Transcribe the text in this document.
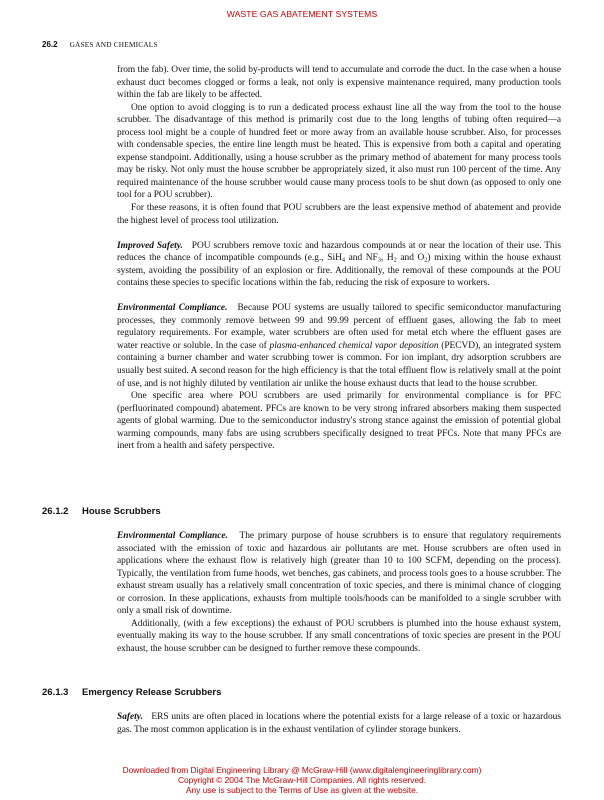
WASTE GAS ABATEMENT SYSTEMS
26.2 GASES AND CHEMICALS

from the fab). Over time, the solid by-products will tend to accumulate and corrode the duct. In the case when a house exhaust duct becomes clogged or forms a leak, not only is expensive maintenance required, many production tools within the fab are likely to be affected.

One option to avoid clogging is to run a dedicated process exhaust line all the way from the tool to the house scrubber. The disadvantage of this method is primarily cost due to the long lengths of tubing often required—a process tool might be a couple of hundred feet or more away from an available house scrubber. Also, for processes with condensable species, the entire line length must be heated. This is expensive from both a capital and operating expense standpoint. Additionally, using a house scrubber as the primary method of abatement for many process tools may be risky. Not only must the house scrubber be appropriately sized, it also must run 100 percent of the time. Any required maintenance of the house scrubber would cause many process tools to be shut down (as opposed to only one tool for a POU scrubber).

For these reasons, it is often found that POU scrubbers are the least expensive method of abatement and provide the highest level of process tool utilization.

Improved Safety. POU scrubbers remove toxic and hazardous compounds at or near the location of their use. This reduces the chance of incompatible compounds (e.g., SiH$_4$ and $NF_3$, $H_2$ and $O_2$) mixing within the house exhaust system, avoiding the possibility of an explosion or fire. Additionally, the removal of these compounds at the POU contains these species to specific locations within the fab, reducing the risk of exposure to workers.

Environmental Compliance. Because POU systems are usually tailored to specific semiconductor manufacturing processes, they commonly remove between 99 and 99.99 percent of effluent gases, allowing the fab to meet regulatory requirements. For example, water scrubbers are often used for metal etch where the effluent gases are water reactive or soluble. In the case of plasma-enhanced chemical vapor deposition (PECVD), an integrated system containing a burner chamber and water scrubbing tower is common. For ion implant, dry adsorption scrubbers are usually best suited. A second reason for the high efficiency is that the total effluent flow is relatively small at the point of use, and is not highly diluted by ventilation air unlike the house exhaust ducts that lead to the house scrubber.

One specific area where POU scrubbers are used primarily for environmental compliance is for PFC (perfluorinated compound) abatement. PFCs are known to be very strong infrared absorbers making them suspected agents of global warming. Due to the semiconductor industry's strong stance against the emission of potential global warming compounds, many fabs are using scrubbers specifically designed to treat PFCs. Note that many PFCs are inert from a health and safety perspective.

26.1.2 House Scrubbers

Environmental Compliance. The primary purpose of house scrubbers is to ensure that regulatory requirements associated with the emission of toxic and hazardous air pollutants are met. House scrubbers are often used in applications where the exhaust flow is relatively high (greater than 10 to 100 SCFM, depending on the process). Typically, the ventilation from fume hoods, wet benches, gas cabinets, and process tools goes to a house scrubber. The exhaust stream usually has a relatively small concentration of toxic species, and there is minimal chance of clogging or corrosion. In these applications, exhausts from multiple tools/hoods can be manifolded to a single scrubber with only a small risk of downtime.

Additionally, (with a few exceptions) the exhaust of POU scrubbers is plumbed into the house exhaust system, eventually making its way to the house scrubber. If any small concentrations of toxic species are present in the POU exhaust, the house scrubber can be designed to further remove these compounds.

26.1.3 Emergency Release Scrubbers

Safety. ERS units are often placed in locations where the potential exists for a large release of a toxic or hazardous gas. The most common application is in the exhaust ventilation of cylinder storage bunkers.

Downloaded from Digital Engineering Library @ McGraw-Hill (www.digitalengineeringlibrary.com)
Copyright © 2004 The McGraw-Hill Companies. All rights reserved.
Any use is subject to the Terms of Use as given at the website.
